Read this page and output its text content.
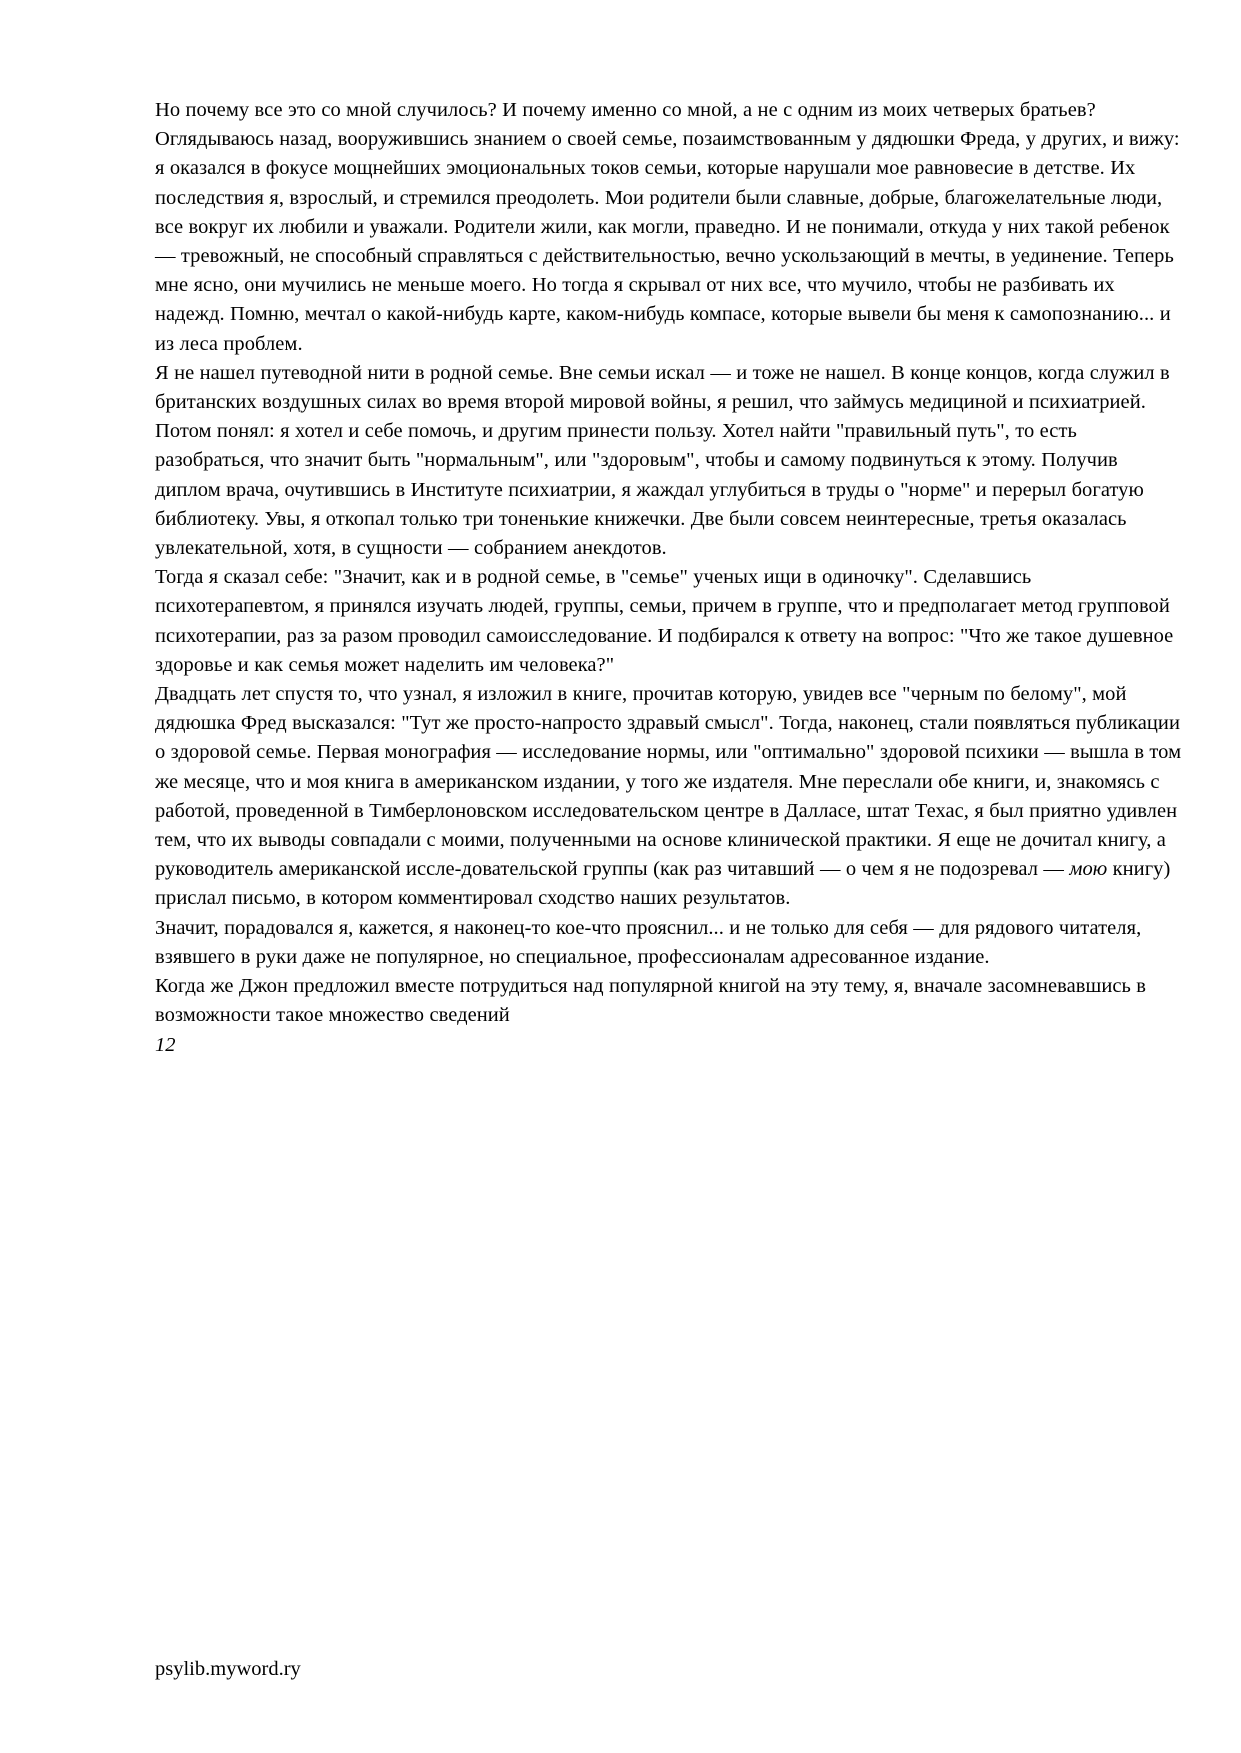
Но почему все это со мной случилось? И почему именно со мной, а не с одним из моих четверых братьев? Оглядываюсь назад, вооружившись знанием о своей семье, позаимствованным у дядюшки Фреда, у других, и вижу: я оказался в фокусе мощнейших эмоциональных токов семьи, которые нарушали мое равновесие в детстве. Их последствия я, взрослый, и стремился преодолеть. Мои родители были славные, добрые, благожелательные люди, все вокруг их любили и уважали. Родители жили, как могли, праведно. И не понимали, откуда у них такой ребенок — тревожный, не способный справляться с действительностью, вечно ускользающий в мечты, в уединение. Теперь мне ясно, они мучились не меньше моего. Но тогда я скрывал от них все, что мучило, чтобы не разбивать их надежд. Помню, мечтал о какой-нибудь карте, каком-нибудь компасе, которые вывели бы меня к самопознанию... и из леса проблем.

Я не нашел путеводной нити в родной семье. Вне семьи искал — и тоже не нашел. В конце концов, когда служил в британских воздушных силах во время второй мировой войны, я решил, что займусь медициной и психиатрией. Потом понял: я хотел и себе помочь, и другим принести пользу. Хотел найти "правильный путь", то есть разобраться, что значит быть "нормальным", или "здоровым", чтобы и самому подвинуться к этому. Получив диплом врача, очутившись в Институте психиатрии, я жаждал углубиться в труды о "норме" и перерыл богатую библиотеку. Увы, я откопал только три тоненькие книжечки. Две были совсем неинтересные, третья оказалась увлекательной, хотя, в сущности — собранием анекдотов.

Тогда я сказал себе: "Значит, как и в родной семье, в "семье" ученых ищи в одиночку". Сделавшись психотерапевтом, я принялся изучать людей, группы, семьи, причем в группе, что и предполагает метод групповой психотерапии, раз за разом проводил самоисследование. И подбирался к ответу на вопрос: "Что же такое душевное здоровье и как семья может наделить им человека?"

Двадцать лет спустя то, что узнал, я изложил в книге, прочитав которую, увидев все "черным по белому", мой дядюшка Фред высказался: "Тут же просто-напросто здравый смысл". Тогда, наконец, стали появляться публикации о здоровой семье. Первая монография — исследование нормы, или "оптимально" здоровой психики — вышла в том же месяце, что и моя книга в американском издании, у того же издателя. Мне переслали обе книги, и, знакомясь с работой, проведенной в Тимберлоновском исследовательском центре в Далласе, штат Техас, я был приятно удивлен тем, что их выводы совпадали с моими, полученными на основе клинической практики. Я еще не дочитал книгу, а руководитель американской иссле-довательской группы (как раз читавший — о чем я не подозревал — мою книгу) прислал письмо, в котором комментировал сходство наших результатов.

Значит, порадовался я, кажется, я наконец-то кое-что прояснил... и не только для себя — для рядового читателя, взявшего в руки даже не популярное, но специальное, профессионалам адресованное издание.

Когда же Джон предложил вместе потрудиться над популярной книгой на эту тему, я, вначале засомневавшись в возможности такое множество сведений

12

psylib.myword.ry
